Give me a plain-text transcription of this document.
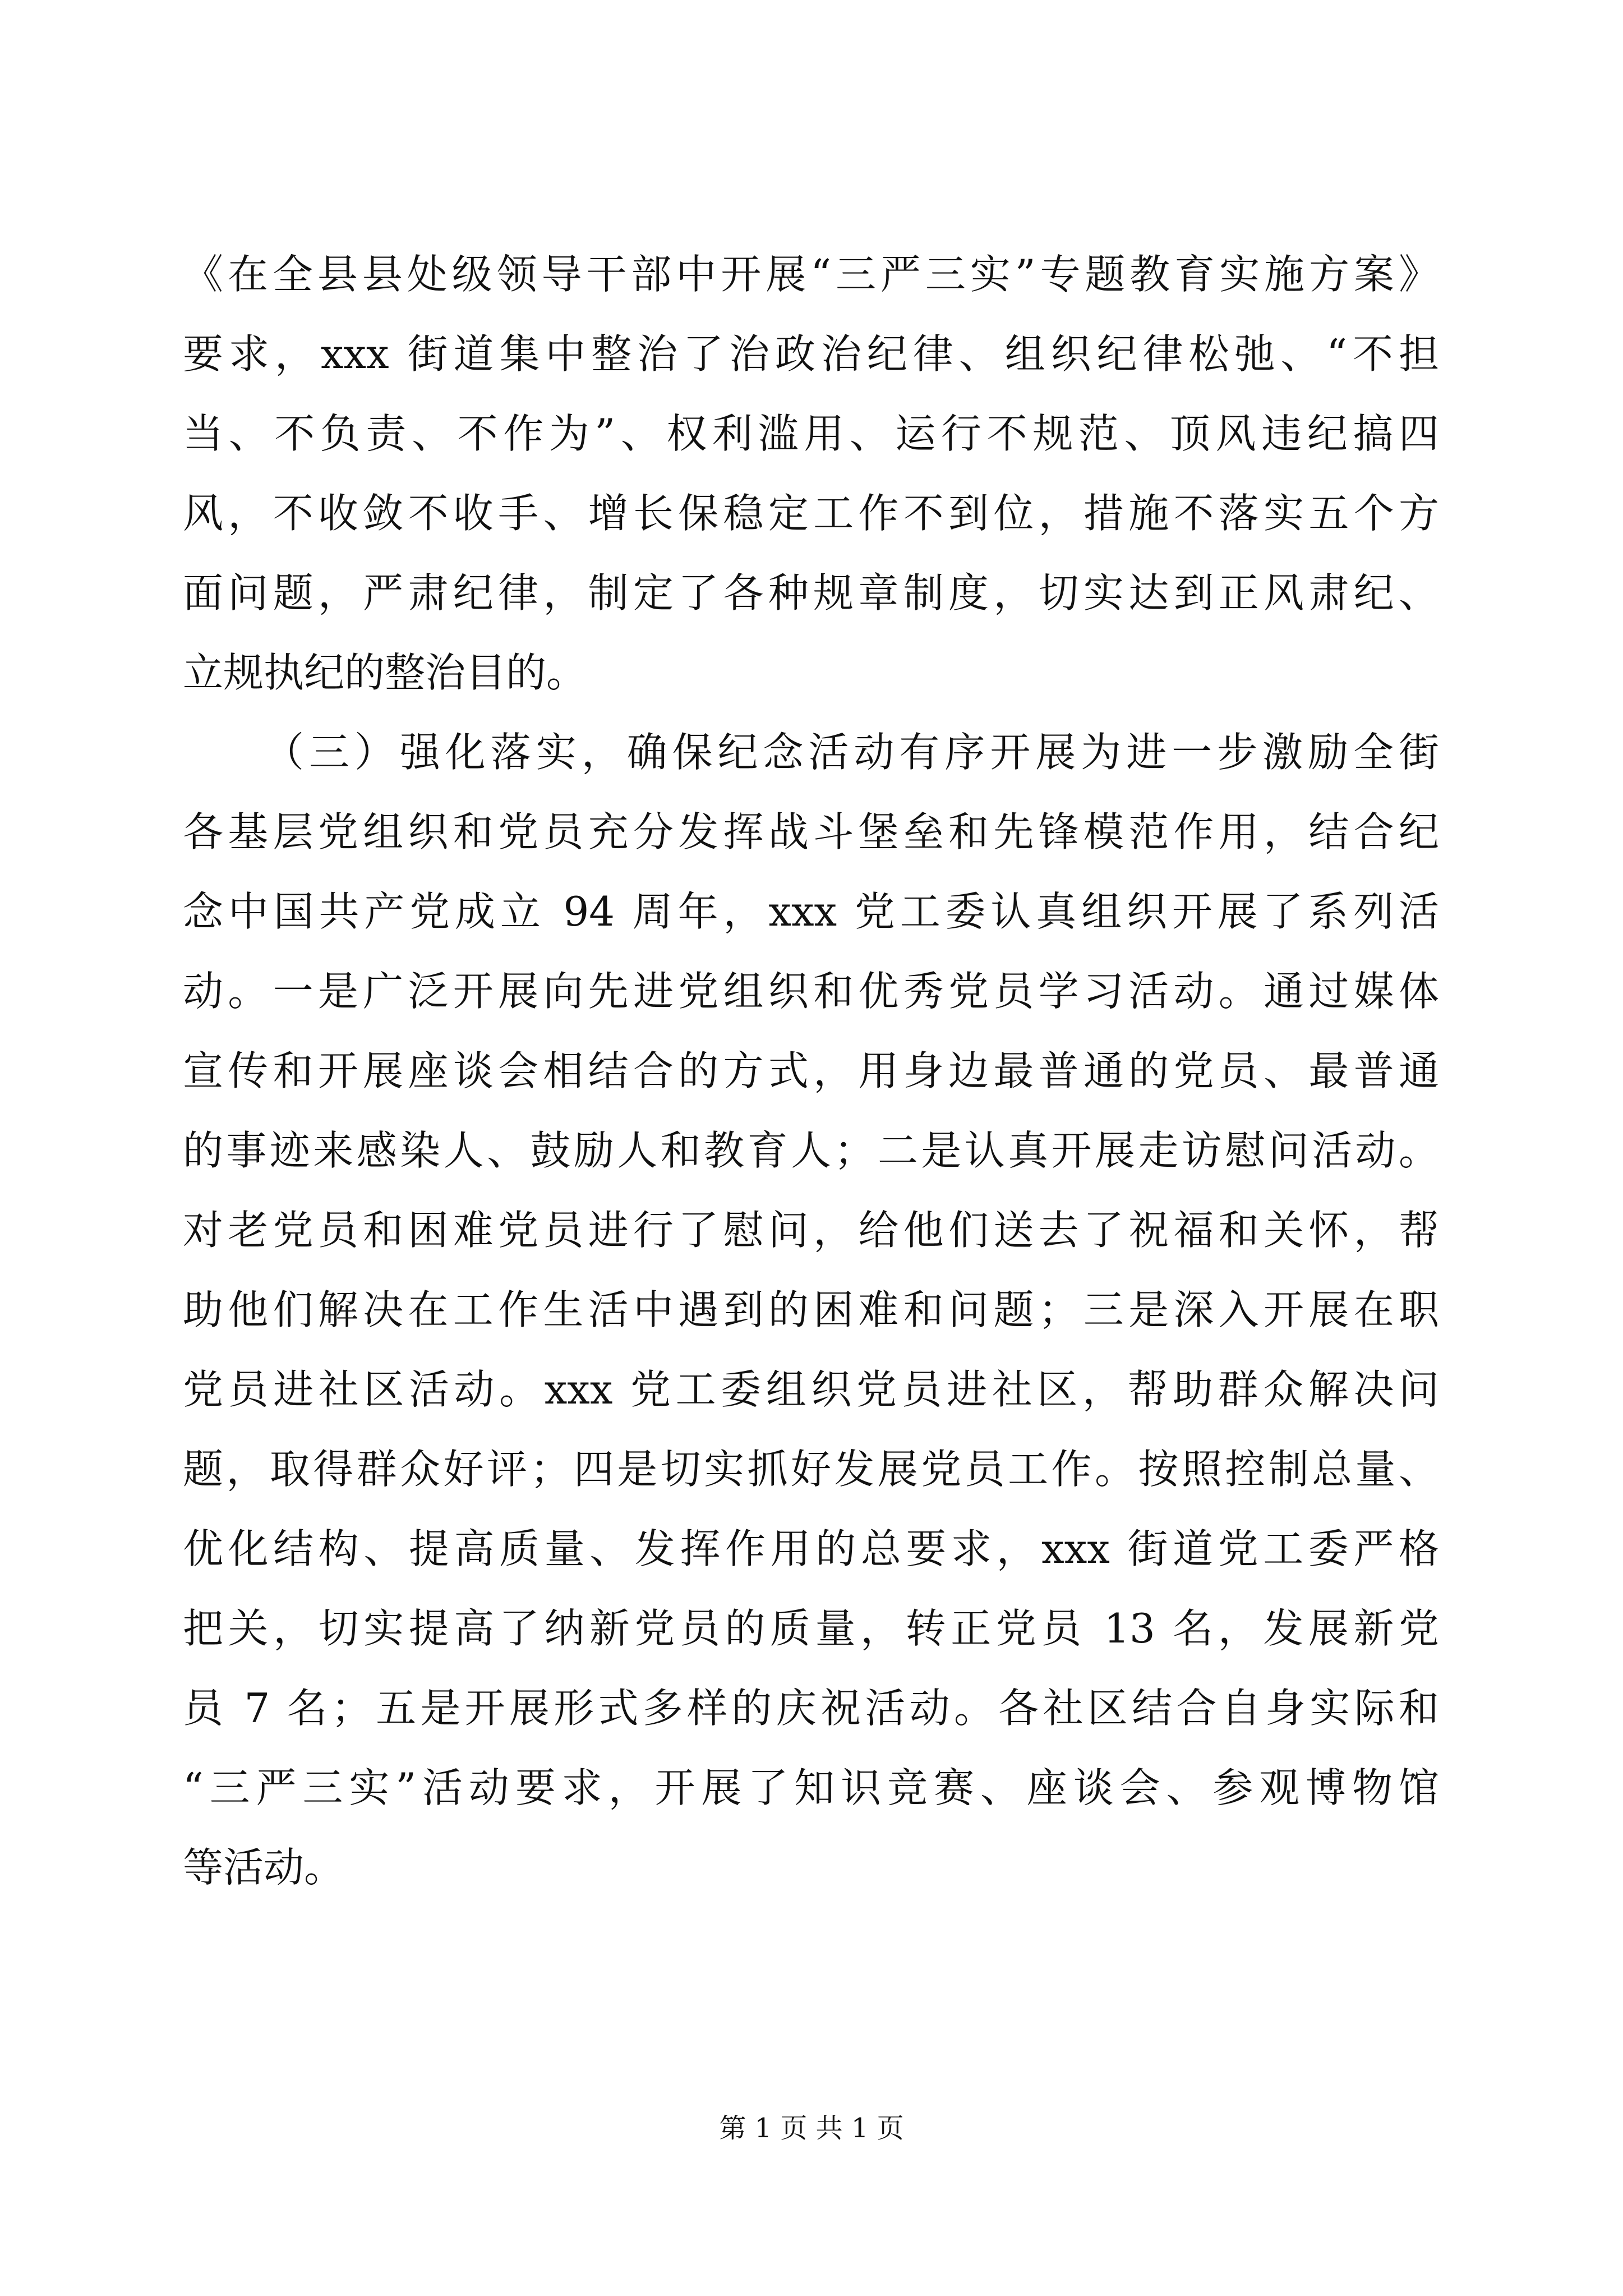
《在全县县处级领导干部中开展“三严三实”专题教育实施方案》
要求，xxx 街道集中整治了治政治纪律、组织纪律松弛、“不担
当、不负责、不作为”、权利滥用、运行不规范、顶风违纪搞四
风，不收敛不收手、增长保稳定工作不到位，措施不落实五个方
面问题，严肃纪律，制定了各种规章制度，切实达到正风肃纪、
立规执纪的整治目的。
（三）强化落实，确保纪念活动有序开展为进一步激励全街
各基层党组织和党员充分发挥战斗堡垒和先锋模范作用，结合纪
念中国共产党成立 94 周年，xxx 党工委认真组织开展了系列活
动。一是广泛开展向先进党组织和优秀党员学习活动。通过媒体
宣传和开展座谈会相结合的方式，用身边最普通的党员、最普通
的事迹来感染人、鼓励人和教育人；二是认真开展走访慰问活动。
对老党员和困难党员进行了慰问，给他们送去了祝福和关怀，帮
助他们解决在工作生活中遇到的困难和问题；三是深入开展在职
党员进社区活动。xxx 党工委组织党员进社区，帮助群众解决问
题，取得群众好评；四是切实抓好发展党员工作。按照控制总量、
优化结构、提高质量、发挥作用的总要求，xxx 街道党工委严格
把关，切实提高了纳新党员的质量，转正党员 13 名，发展新党
员 7 名；五是开展形式多样的庆祝活动。各社区结合自身实际和
“三严三实”活动要求，开展了知识竞赛、座谈会、参观博物馆
等活动。
第 1 页 共 1 页
